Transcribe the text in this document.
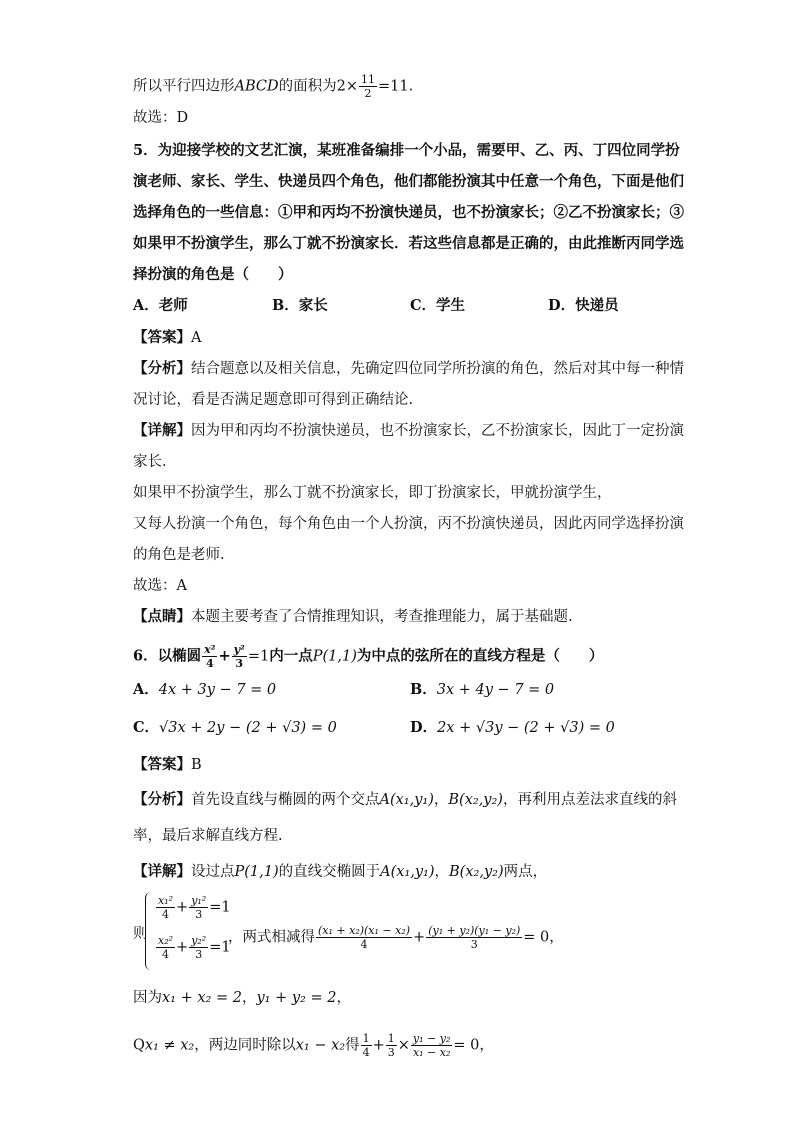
所以平行四边形ABCD的面积为$2\times \frac{11}{2} =11$.
故选：D
5．为迎接学校的文艺汇演，某班准备编排一个小品，需要甲、乙、丙、丁四位同学扮
演老师、家长、学生、快递员四个角色，他们都能扮演其中任意一个角色，下面是他们
选择角色的一些信息：①甲和丙均不扮演快递员，也不扮演家长；②乙不扮演家长；③
如果甲不扮演学生，那么丁就不扮演家长．若这些信息都是正确的，由此推断丙同学选
择扮演的角色是（　　）
A．老师	B．家长	C．学生	D．快递员
【答案】A
【分析】结合题意以及相关信息，先确定四位同学所扮演的角色，然后对其中每一种情
况讨论，看是否满足题意即可得到正确结论.
【详解】因为甲和丙均不扮演快递员，也不扮演家长，乙不扮演家长，因此丁一定扮演
家长.
如果甲不扮演学生，那么丁就不扮演家长，即丁扮演家长，甲就扮演学生，
又每人扮演一个角色，每个角色由一个人扮演，丙不扮演快递员，因此丙同学选择扮演
的角色是老师.
故选：A
【点睛】本题主要考查了合情推理知识，考查推理能力，属于基础题.
6．以椭圆 $\frac{\text{x²}}{4} + \frac{\text{y²}}{3} =1$内一点P(1,1)为中点的弦所在的直线方程是（　　）
A．4x + 3y − 7 = 0	B．3x + 4y − 7 = 0
C．√3x + 2y − (2 + √3) = 0	D．2x + √3y − (2 + √3) = 0
【答案】B
【分析】首先设直线与椭圆的两个交点A(x₁,y₁)，B(x₂,y₂)，再利用点差法求直线的斜
率，最后求解直线方程.
【详解】设过点P(1,1)的直线交椭圆于A(x₁,y₁)，B(x₂,y₂)两点，
则
$\frac{\text{x₁²}}{4} + \frac{\text{y₁²}}{3} =1$
$\frac{\text{x₂²}}{4} + \frac{\text{y₂²}}{3} =1$
，两式相减得 $\frac{\text{(x₁ + x₂)(x₁ − x₂)}}{4} + \frac{\text{(y₁ + y₂)(y₁ − y₂)}}{3} = 0$，
因为x₁ + x₂ = 2，y₁ + y₂ = 2，
Qx₁ ≠ x₂，两边同时除以x₁ − x₂得 $\frac{1}{4} + \frac{1}{3} \times \frac{\text{y₁ − y₂}}{\text{x₁ − x₂}} = 0$，
